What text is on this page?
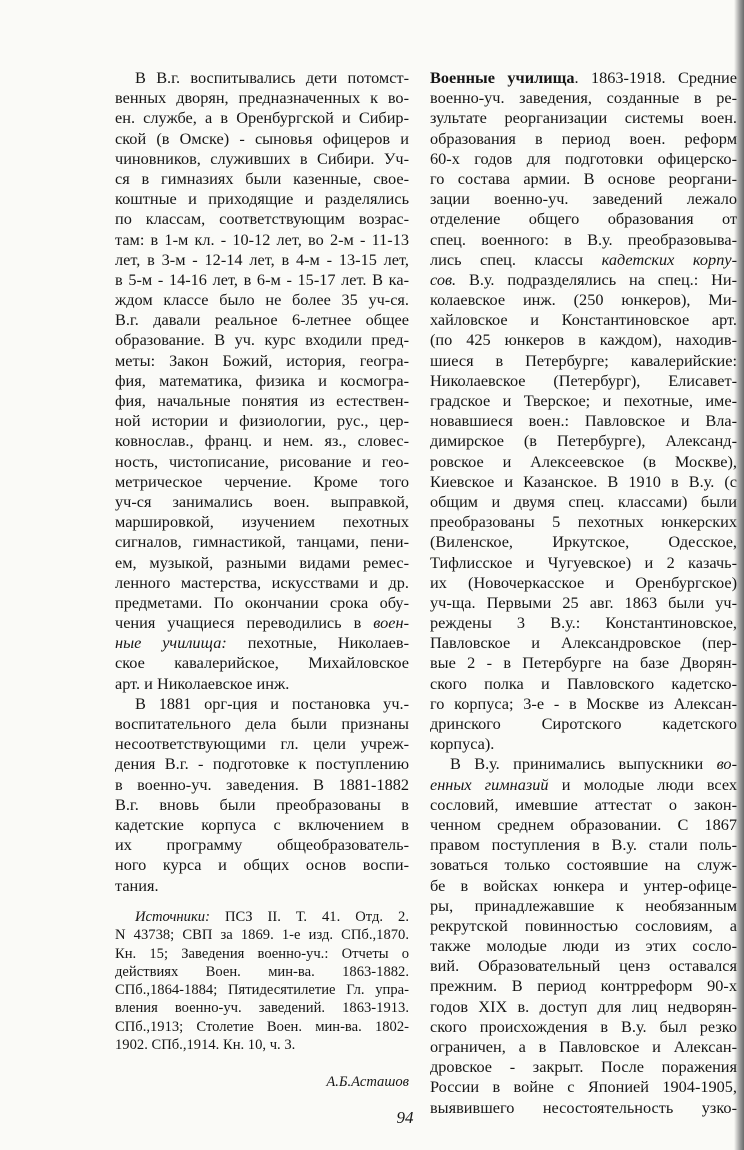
В В.г. воспитывались дети потомст-
венных дворян, предназначенных к во-
ен. службе, а в Оренбургской и Сибир-
ской (в Омске) - сыновья офицеров и
чиновников, служивших в Сибири. Уч-
ся в гимназиях были казенные, свое-
коштные и приходящие и разделялись
по классам, соответствующим возрас-
там: в 1-м кл. - 10-12 лет, во 2-м - 11-13
лет, в 3-м - 12-14 лет, в 4-м - 13-15 лет,
в 5-м - 14-16 лет, в 6-м - 15-17 лет. В ка-
ждом классе было не более 35 уч-ся.
В.г. давали реальное 6-летнее общее
образование. В уч. курс входили пред-
меты: Закон Божий, история, геогра-
фия, математика, физика и космогра-
фия, начальные понятия из естествен-
ной истории и физиологии, рус., цер-
ковнослав., франц. и нем. яз., словес-
ность, чистописание, рисование и гео-
метрическое черчение. Кроме того
уч-ся занимались воен. выправкой,
маршировкой, изучением пехотных
сигналов, гимнастикой, танцами, пени-
ем, музыкой, разными видами ремес-
ленного мастерства, искусствами и др.
предметами. По окончании срока обу-
чения учащиеся переводились в воен-
ные училища: пехотные, Николаев-
ское кавалерийское, Михайловское
арт. и Николаевское инж.
В 1881 орг-ция и постановка уч.-
воспитательного дела были признаны
несоответствующими гл. цели учреж-
дения В.г. - подготовке к поступлению
в военно-уч. заведения. В 1881-1882
В.г. вновь были преобразованы в
кадетские корпуса с включением в
их программу общеобразователь-
ного курса и общих основ воспи-
тания.
Военные училища. 1863-1918. Средние
военно-уч. заведения, созданные в ре-
зультате реорганизации системы воен.
образования в период воен. реформ
60-х годов для подготовки офицерско-
го состава армии. В основе реоргани-
зации военно-уч. заведений лежало
отделение общего образования от
спец. военного: в В.у. преобразовыва-
лись спец. классы кадетских корпу-
сов. В.у. подразделялись на спец.: Ни-
колаевское инж. (250 юнкеров), Ми-
хайловское и Константиновское арт.
(по 425 юнкеров в каждом), находив-
шиеся в Петербурге; кавалерийские:
Николаевское (Петербург), Елисавет-
градское и Тверское; и пехотные, име-
новавшиеся воен.: Павловское и Вла-
димирское (в Петербурге), Александ-
ровское и Алексеевское (в Москве),
Киевское и Казанское. В 1910 в В.у. (с
общим и двумя спец. классами) были
преобразованы 5 пехотных юнкерских
(Виленское, Иркутское, Одесское,
Тифлисское и Чугуевское) и 2 казачь-
их (Новочеркасское и Оренбургское)
уч-ща. Первыми 25 авг. 1863 были уч-
реждены 3 В.у.: Константиновское,
Павловское и Александровское (пер-
вые 2 - в Петербурге на базе Дворян-
ского полка и Павловского кадетско-
го корпуса; 3-е - в Москве из Алексан-
дринского Сиротского кадетского
корпуса).
В В.у. принимались выпускники во-
енных гимназий и молодые люди всех
сословий, имевшие аттестат о закон-
ченном среднем образовании. С 1867
правом поступления в В.у. стали поль-
зоваться только состоявшие на служ-
бе в войсках юнкера и унтер-офице-
ры, принадлежавшие к необязанным
рекрутской повинностью сословиям, а
также молодые люди из этих сосло-
вий. Образовательный ценз оставался
прежним. В период контрреформ 90-х
годов XIX в. доступ для лиц недворян-
ского происхождения в В.у. был резко
ограничен, а в Павловское и Алексан-
дровское - закрыт. После поражения
России в войне с Японией 1904-1905,
выявившего несостоятельность узко-
Источники: ПСЗ II. Т. 41. Отд. 2.
N 43738; СВП за 1869. 1-е изд. СПб.,1870.
Кн. 15; Заведения военно-уч.: Отчеты о
действиях Воен. мин-ва. 1863-1882.
СПб.,1864-1884; Пятидесятилетие Гл. упра-
вления военно-уч. заведений. 1863-1913.
СПб.,1913; Столетие Воен. мин-ва. 1802-
1902. СПб.,1914. Кн. 10, ч. 3.
А.Б.Асташов
94
